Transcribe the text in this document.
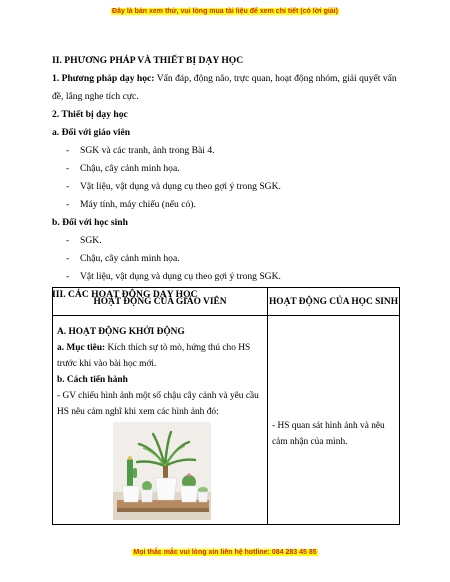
Đây là bản xem thử, vui lòng mua tài liệu để xem chi tiết (có lời giải)
II. PHƯƠNG PHÁP VÀ THIẾT BỊ DẠY HỌC
1. Phương pháp dạy học: Vấn đáp, động não, trực quan, hoạt động nhóm, giải quyết vấn đề, lắng nghe tích cực.
2. Thiết bị dạy học
a. Đối với giáo viên
-	SGK và các tranh, ảnh trong Bài 4.
-	Chậu, cây cảnh minh họa.
-	Vật liệu, vật dụng và dụng cụ theo gợi ý trong SGK.
-	Máy tính, máy chiếu (nếu có).
b. Đối với học sinh
-	SGK.
-	Chậu, cây cảnh minh họa.
-	Vật liệu, vật dụng và dụng cụ theo gợi ý trong SGK.
III. CÁC HOẠT ĐỘNG DẠY HỌC
HOẠT ĐỘNG CỦA GIÁO VIÊN	HOẠT ĐỘNG CỦA HỌC SINH

A. HOẠT ĐỘNG KHỞI ĐỘNG
a. Mục tiêu: Kích thích sự tò mò, hứng thú cho HS trước khi vào bài học mới.
b. Cách tiến hành
- GV chiếu hình ảnh một số chậu cây cảnh và yêu cầu HS nêu cảm nghĩ khi xem các hình ảnh đó:	- HS quan sát hình ảnh và nêu cảm nhận của mình.
Mọi thắc mắc vui lòng xin liên hệ hotline: 084 283 45 85
